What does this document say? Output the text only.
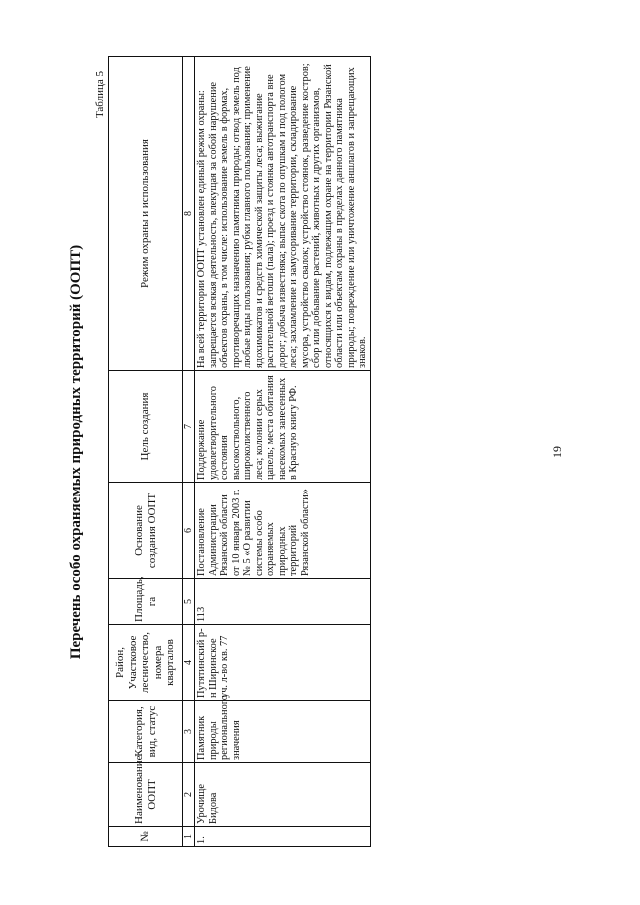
Перечень особо охраняемых природных территорий (ООПТ)
Таблица 5
№	Наименование ООПТ	Категория, вид, статус	Район, Участковое лесничество, номера кварталов	Площадь, га	Основание создания ООПТ	Цель создания	Режим охраны и использования
1	2	3	4	5	6	7	8
1.	Урочище Бидова	Памятник природы регионального значения	Путятинский р-н Ширинское уч. л-во кв. 77	113	Постановление Администрации Рязанской области от 10 января 2003 г. № 5 «О развитии системы особо охраняемых природных территорий Рязанской области»	Поддержание удовлетворительного состояния высокоствольного, широколиственного леса; колонии серых цапель; места обитания насекомых занесенных в Красную книгу РФ.	На всей территории ООПТ установлен единый режим охраны: запрещается всякая деятельность, влекущая за собой нарушение объектов охраны, в том числе: использование земель в формах, противоречащих назначению памятника природы; отвод земель под любые виды пользования; рубки главного пользования; применение ядохимикатов и средств химической защиты леса; выжигание растительной ветоши (пала); проезд и стоянка автотранспорта вне дорог; добыча известняка; выпас скота по опушкам и под пологом леса; захламление и замусоривание территории, складирование мусора, устройство свалок; устройство стоянок, разведение костров; сбор или добывание растений, животных и других организмов, относящихся к видам, подлежащим охране на территории Рязанской области или объектам охраны в пределах данного памятника природы; повреждение или уничтожение аншлагов и запрещающих знаков.
19
